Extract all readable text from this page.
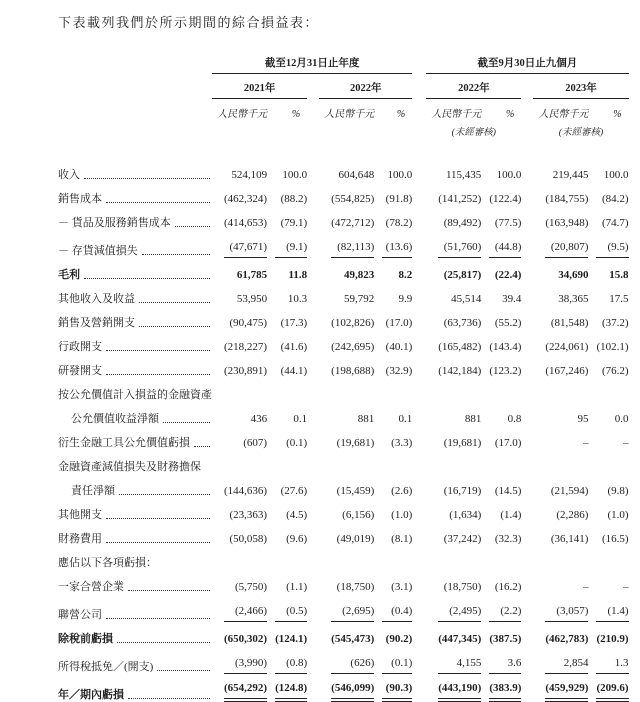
下表載列我們於所示期間的綜合損益表：

	截至12月31日止年度						截至9月30日止九個月				

	2021年			2022年			2022年			2023年	

	人民幣千元	%		人民幣千元	%		人民幣千元	%		人民幣千元	%
							(未經審核)			(未經審核)	

收入	524,109	100.0		604,648	100.0		115,435	100.0		219,445	100.0

銷售成本	(462,324)	(88.2)		(554,825)	(91.8)		(141,252)	(122.4)		(184,755)	(84.2)

－ 貨品及服務銷售成本	(414,653)	(79.1)		(472,712)	(78.2)		(89,492)	(77.5)		(163,948)	(74.7)

－ 存貨減值損失	(47,671)	(9.1)		(82,113)	(13.6)		(51,760)	(44.8)		(20,807)	(9.5)

毛利	61,785	11.8		49,823	8.2		(25,817)	(22.4)		34,690	15.8

其他收入及收益	53,950	10.3		59,792	9.9		45,514	39.4		38,365	17.5

銷售及營銷開支	(90,475)	(17.3)		(102,826)	(17.0)		(63,736)	(55.2)		(81,548)	(37.2)

行政開支	(218,227)	(41.6)		(242,695)	(40.1)		(165,482)	(143.4)		(224,061)	(102.1)

研發開支	(230,891)	(44.1)		(198,688)	(32.9)		(142,184)	(123.2)		(167,246)	(76.2)

按公允價值計入損益的金融資產											

公允價值收益淨額	436	0.1		881	0.1		881	0.8		95	0.0

衍生金融工具公允價值虧損	(607)	(0.1)		(19,681)	(3.3)		(19,681)	(17.0)		–	–

金融資產減值損失及財務擔保											

責任淨額	(144,636)	(27.6)		(15,459)	(2.6)		(16,719)	(14.5)		(21,594)	(9.8)

其他開支	(23,363)	(4.5)		(6,156)	(1.0)		(1,634)	(1.4)		(2,286)	(1.0)

財務費用	(50,058)	(9.6)		(49,019)	(8.1)		(37,242)	(32.3)		(36,141)	(16.5)

應佔以下各項虧損：											

一家合營企業	(5,750)	(1.1)		(18,750)	(3.1)		(18,750)	(16.2)		–	–

聯營公司	(2,466)	(0.5)		(2,695)	(0.4)		(2,495)	(2.2)		(3,057)	(1.4)

除稅前虧損	(650,302)	(124.1)		(545,473)	(90.2)		(447,345)	(387.5)		(462,783)	(210.9)

所得稅抵免／(開支)	(3,990)	(0.8)		(626)	(0.1)		4,155	3.6		2,854	1.3

年／期內虧損	(654,292)	(124.8)		(546,099)	(90.3)		(443,190)	(383.9)		(459,929)	(209.6)
